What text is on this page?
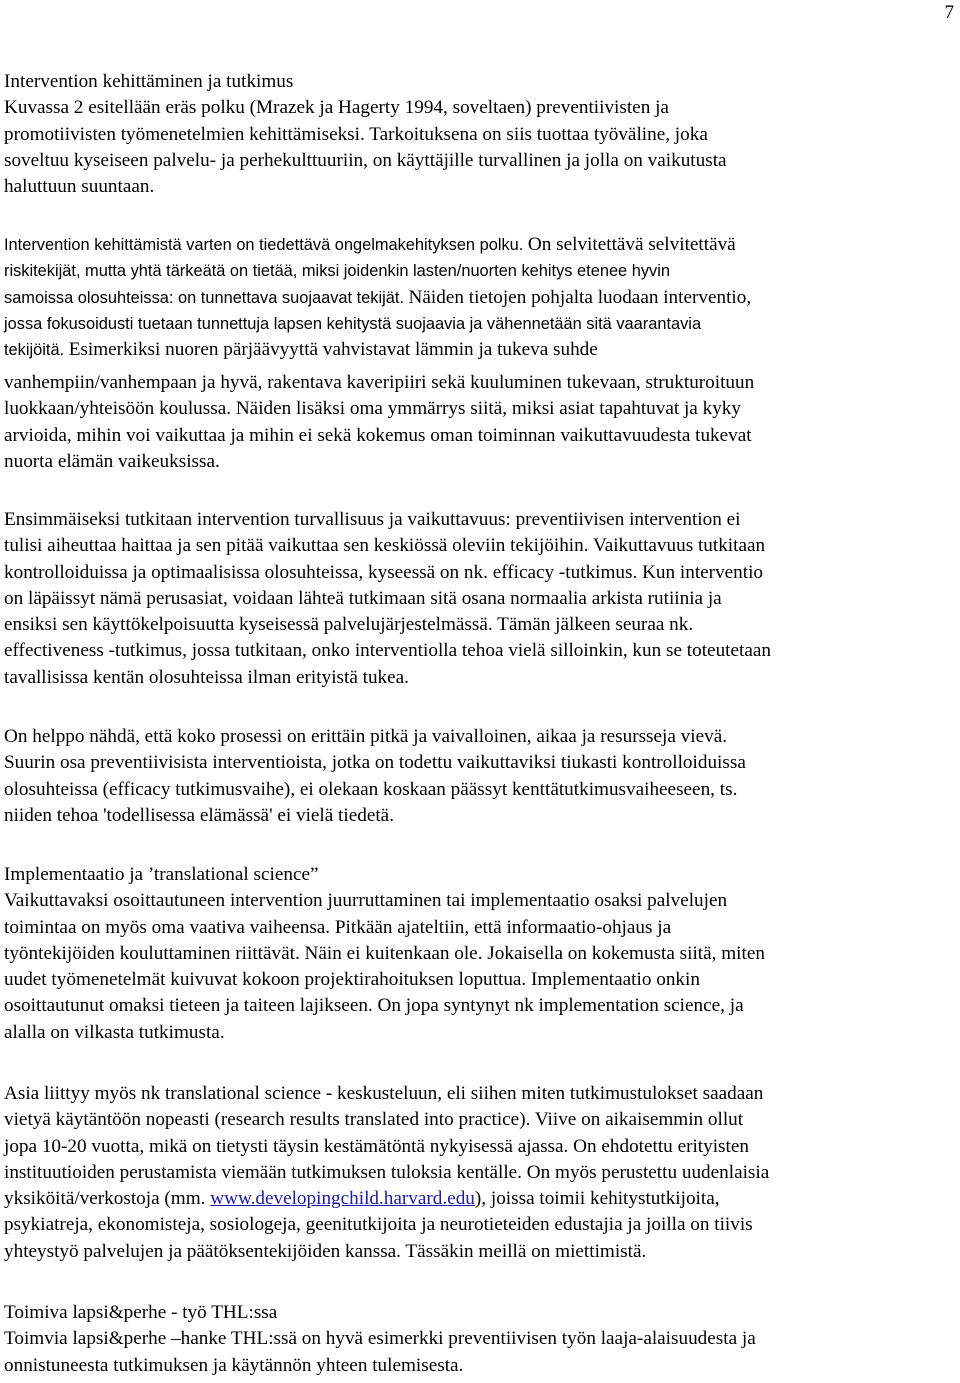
7
Intervention kehittäminen ja tutkimus
Kuvassa 2 esitellään eräs polku (Mrazek ja Hagerty 1994, soveltaen) preventiivisten ja
promotiivisten työmenetelmien kehittämiseksi. Tarkoituksena on siis tuottaa työväline, joka
soveltuu kyseiseen palvelu- ja perhekulttuuriin, on käyttäjille turvallinen ja jolla on vaikutusta
haluttuun suuntaan.
Intervention kehittämistä varten on tiedettävä ongelmakehityksen polku. On selvitettävä selvitettävä
riskitekijät, mutta yhtä tärkeätä on tietää, miksi joidenkin lasten/nuorten kehitys etenee hyvin
samoissa olosuhteissa: on tunnettava suojaavat tekijät. Näiden tietojen pohjalta luodaan interventio,
jossa fokusoidusti tuetaan tunnettuja lapsen kehitystä suojaavia ja vähennetään sitä vaarantavia
tekijöitä. Esimerkiksi nuoren pärjäävyyttä vahvistavat lämmin ja tukeva suhde
vanhempiin/vanhempaan ja hyvä, rakentava kaveripiiri sekä kuuluminen tukevaan, strukturoituun
luokkaan/yhteisöön koulussa. Näiden lisäksi oma ymmärrys siitä, miksi asiat tapahtuvat ja kyky
arvioida, mihin voi vaikuttaa ja mihin ei sekä kokemus oman toiminnan vaikuttavuudesta tukevat
nuorta elämän vaikeuksissa.
Ensimmäiseksi tutkitaan intervention turvallisuus ja vaikuttavuus: preventiivisen intervention ei
tulisi aiheuttaa haittaa ja sen pitää vaikuttaa sen keskiössä oleviin tekijöihin. Vaikuttavuus tutkitaan
kontrolloiduissa ja optimaalisissa olosuhteissa, kyseessä on nk. efficacy -tutkimus. Kun interventio
on läpäissyt nämä perusasiat, voidaan lähteä tutkimaan sitä osana normaalia arkista rutiinia ja
ensiksi sen käyttökelpoisuutta kyseisessä palvelujärjestelmässä. Tämän jälkeen seuraa nk.
effectiveness -tutkimus, jossa tutkitaan, onko interventiolla tehoa vielä silloinkin, kun se toteutetaan
tavallisissa kentän olosuhteissa ilman erityistä tukea.
On helppo nähdä, että koko prosessi on erittäin pitkä ja vaivalloinen, aikaa ja resursseja vievä.
Suurin osa preventiivisista interventioista, jotka on todettu vaikuttaviksi tiukasti kontrolloiduissa
olosuhteissa (efficacy tutkimusvaihe), ei olekaan koskaan päässyt kenttätutkimusvaiheeseen, ts.
niiden tehoa 'todellisessa elämässä' ei vielä tiedetä.
Implementaatio ja ’translational science”
Vaikuttavaksi osoittautuneen intervention juurruttaminen tai implementaatio osaksi palvelujen
toimintaa on myös oma vaativa vaiheensa. Pitkään ajateltiin, että informaatio-ohjaus ja
työntekijöiden kouluttaminen riittävät. Näin ei kuitenkaan ole. Jokaisella on kokemusta siitä, miten
uudet työmenetelmät kuivuvat kokoon projektirahoituksen loputtua. Implementaatio onkin
osoittautunut omaksi tieteen ja taiteen lajikseen. On jopa syntynyt nk implementation science, ja
alalla on vilkasta tutkimusta.
Asia liittyy myös nk translational science - keskusteluun, eli siihen miten tutkimustulokset saadaan
vietyä käytäntöön nopeasti (research results translated into practice). Viive on aikaisemmin ollut
jopa 10-20 vuotta, mikä on tietysti täysin kestämätöntä nykyisessä ajassa. On ehdotettu erityisten
instituutioiden perustamista viemään tutkimuksen tuloksia kentälle. On myös perustettu uudenlaisia
yksiköitä/verkostoja (mm. www.developingchild.harvard.edu), joissa toimii kehitystutkijoita,
psykiatreja, ekonomisteja, sosiologeja, geenitutkijoita ja neurotieteiden edustajia ja joilla on tiivis
yhteystyö palvelujen ja päätöksentekijöiden kanssa. Tässäkin meillä on miettimistä.
Toimiva lapsi&perhe - työ THL:ssa
Toimvia lapsi&perhe –hanke THL:ssä on hyvä esimerkki preventiivisen työn laaja-alaisuudesta ja
onnistuneesta tutkimuksen ja käytännön yhteen tulemisesta.
